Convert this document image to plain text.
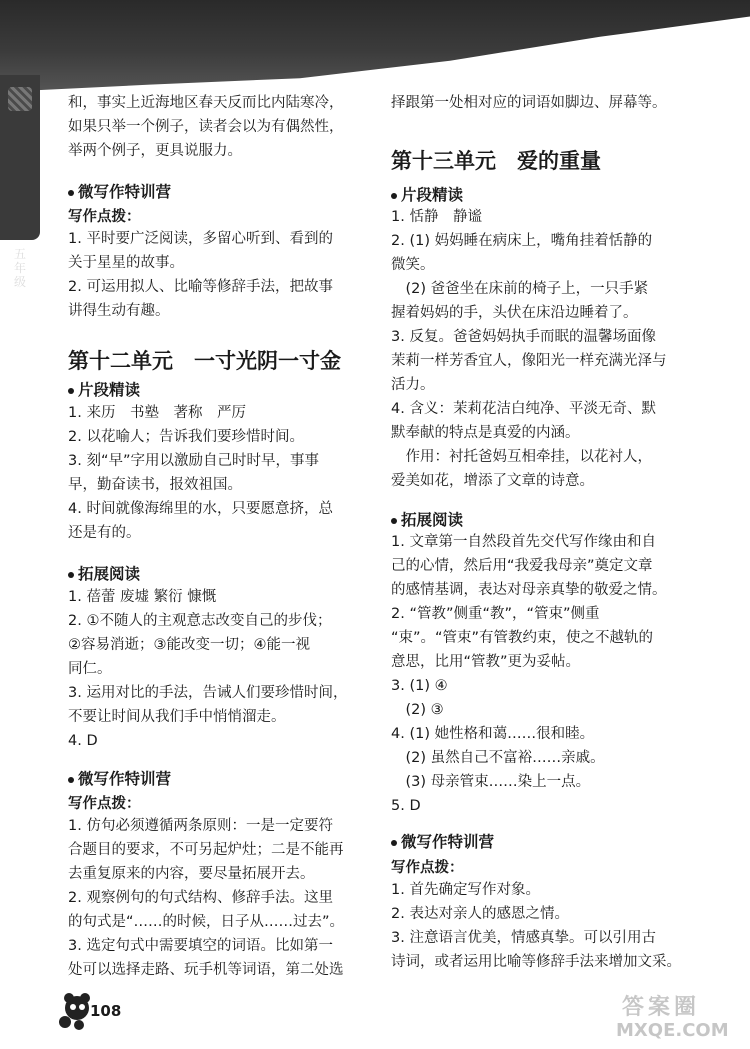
五年级
和，事实上近海地区春天反而比内陆寒冷，
如果只举一个例子，读者会以为有偶然性，
举两个例子，更具说服力。
微写作特训营
写作点拨：
1. 平时要广泛阅读，多留心听到、看到的
关于星星的故事。
2. 可运用拟人、比喻等修辞手法，把故事
讲得生动有趣。
第十二单元　一寸光阴一寸金
片段精读
1. 来历　书塾　著称　严厉
2. 以花喻人；告诉我们要珍惜时间。
3. 刻“早”字用以激励自己时时早，事事
早，勤奋读书，报效祖国。
4. 时间就像海绵里的水，只要愿意挤，总
还是有的。
拓展阅读
1. 蓓蕾 废墟 繁衍 慷慨
2. ①不随人的主观意志改变自己的步伐；
②容易消逝；③能改变一切；④能一视
同仁。
3. 运用对比的手法，告诫人们要珍惜时间，
不要让时间从我们手中悄悄溜走。
4. D
微写作特训营
写作点拨：
1. 仿句必须遵循两条原则：一是一定要符
合题目的要求，不可另起炉灶；二是不能再
去重复原来的内容，要尽量拓展开去。
2. 观察例句的句式结构、修辞手法。这里
的句式是“……的时候，日子从……过去”。
3. 选定句式中需要填空的词语。比如第一
处可以选择走路、玩手机等词语，第二处选
择跟第一处相对应的词语如脚边、屏幕等。
第十三单元　爱的重量
片段精读
1. 恬静　静谧
2. (1) 妈妈睡在病床上，嘴角挂着恬静的
微笑。
　(2) 爸爸坐在床前的椅子上，一只手紧
握着妈妈的手，头伏在床沿边睡着了。
3. 反复。爸爸妈妈执手而眠的温馨场面像
茉莉一样芳香宜人，像阳光一样充满光泽与
活力。
4. 含义：茉莉花洁白纯净、平淡无奇、默
默奉献的特点是真爱的内涵。
　作用：衬托爸妈互相牵挂，以花衬人，
爱美如花，增添了文章的诗意。
拓展阅读
1. 文章第一自然段首先交代写作缘由和自
己的心情，然后用“我爱我母亲”奠定文章
的感情基调，表达对母亲真挚的敬爱之情。
2. “管教”侧重“教”，“管束”侧重
“束”。“管束”有管教约束，使之不越轨的
意思，比用“管教”更为妥帖。
3. (1) ④
　(2) ③
4. (1) 她性格和蔼……很和睦。
　(2) 虽然自己不富裕……亲戚。
　(3) 母亲管束……染上一点。
5. D
微写作特训营
写作点拨：
1. 首先确定写作对象。
2. 表达对亲人的感恩之情。
3. 注意语言优美，情感真挚。可以引用古
诗词，或者运用比喻等修辞手法来增加文采。
108	答案圈
MXQE.COM
